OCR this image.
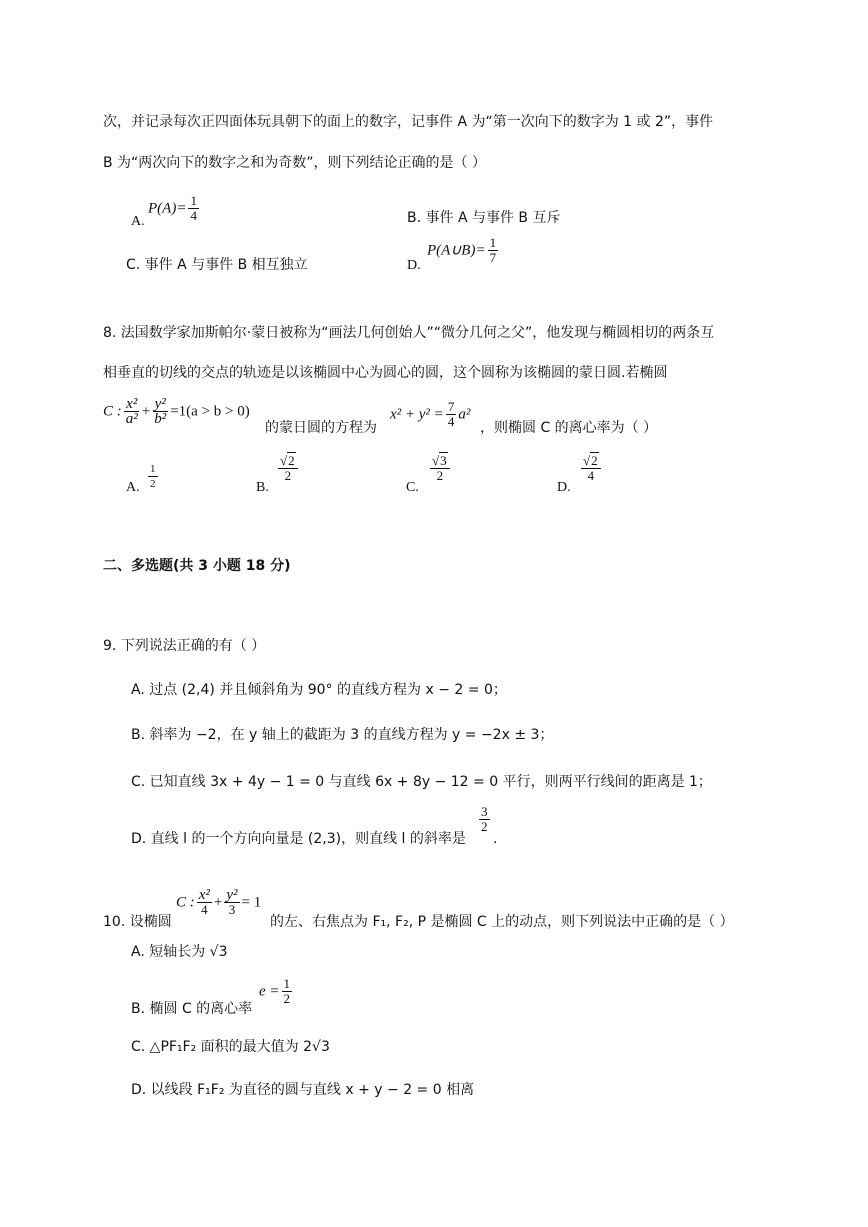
次，并记录每次正四面体玩具朝下的面上的数字，记事件 A 为“第一次向下的数字为 1 或 2”，事件
B 为“两次向下的数字之和为奇数”，则下列结论正确的是（ ）
A.
$P(A)= \frac{1}{4}$	B. 事件 A 与事件 B 互斥
C. 事件 A 与事件 B 相互独立	D.
P(A∪B)= $\frac{1}{7}$
8. 法国数学家加斯帕尔·蒙日被称为“画法几何创始人”“微分几何之父”，他发现与椭圆相切的两条互
相垂直的切线的交点的轨迹是以该椭圆中心为圆心的圆，这个圆称为该椭圆的蒙日圆.若椭圆
C : $\frac{\text{x²}}{\text{a²}} + \frac{\text{y²}}{\text{b²}} =1(a > b > 0)$
的蒙日圆的方程为
$x^2 + y^2 = \frac{7}{4} a^2$
，则椭圆 C 的离心率为（ ）
A. $\frac{1}{2}$	B.
$\frac{√2}{2}$
C.
$\frac{√3}{2}$
D.
$\frac{√2}{4}$
二、多选题(共 3 小题 18 分)
9. 下列说法正确的有（ ）
A. 过点 (2,4) 并且倾斜角为 90° 的直线方程为 x − 2 = 0；
B. 斜率为 −2，在 y 轴上的截距为 3 的直线方程为 y = −2x ± 3；
C. 已知直线 3x + 4y − 1 = 0 与直线 6x + 8y − 12 = 0 平行，则两平行线间的距离是 1；
D. 直线 l 的一个方向向量是 (2,3)，则直线 l 的斜率是
$\frac{3}{2}$
.
10. 设椭圆
C : $\frac{\text{x²}}{4} + \frac{\text{y²}}{3} = 1$
的左、右焦点为 F₁, F₂, P 是椭圆 C 上的动点，则下列说法中正确的是（ ）
A. 短轴长为 √3
B. 椭圆 C 的离心率
$e = \frac{1}{2}$
C. △PF₁F₂ 面积的最大值为 2√3
D. 以线段 F₁F₂ 为直径的圆与直线 x + y − 2 = 0 相离
